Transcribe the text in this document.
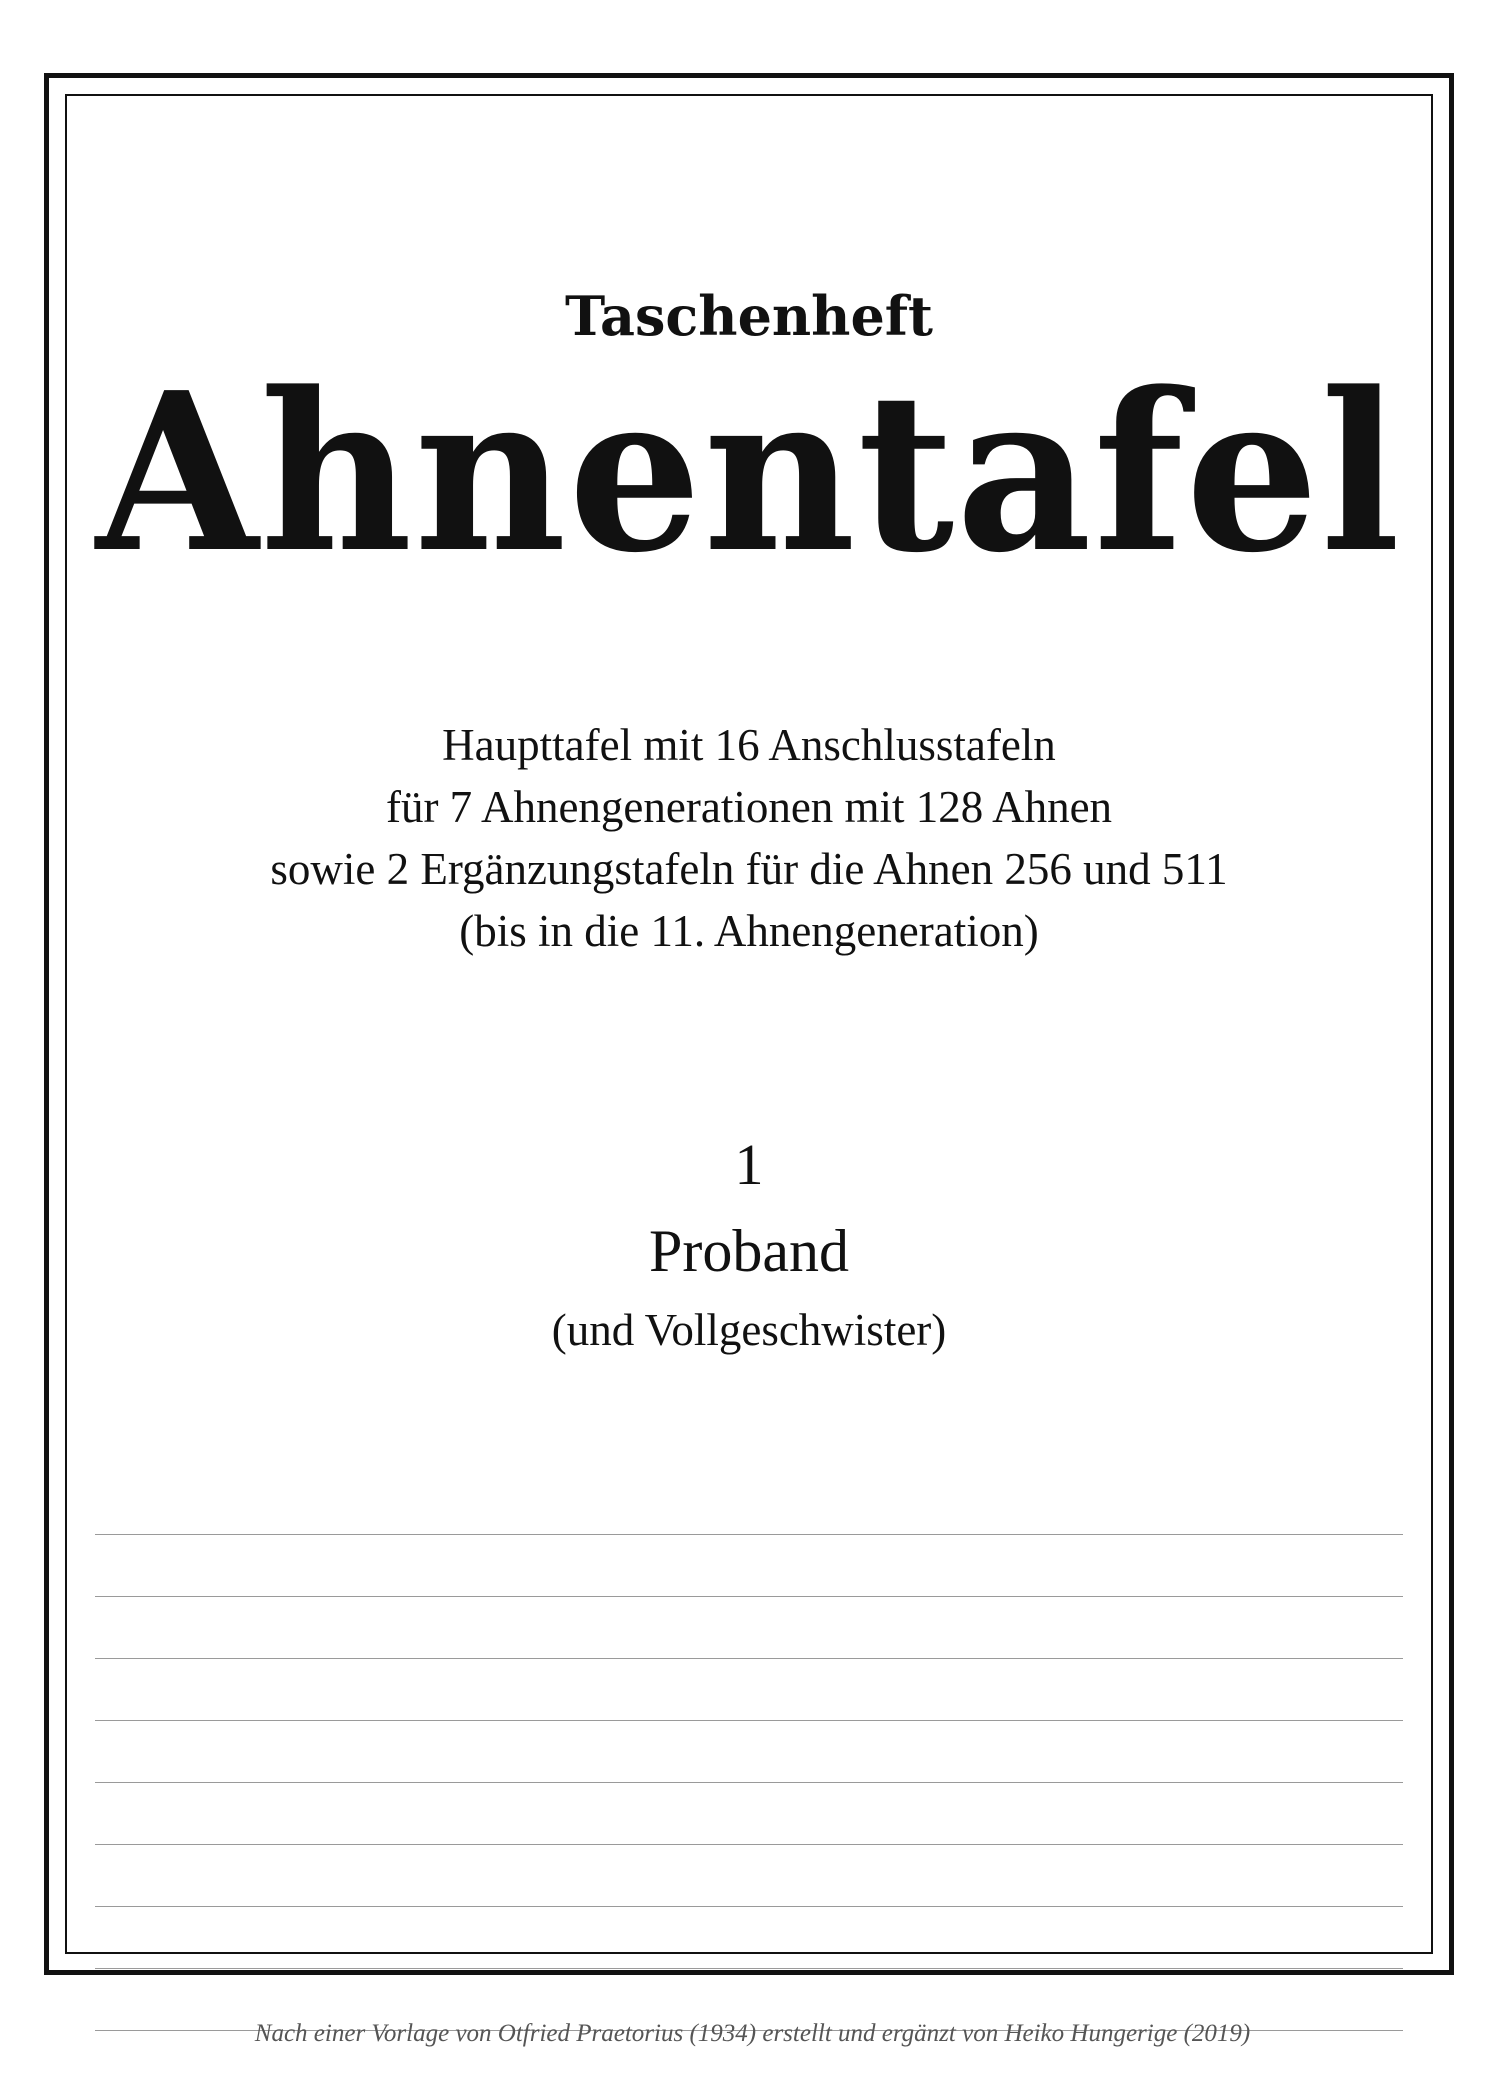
Taschenheft
Ahnentafel
Haupttafel mit 16 Anschlusstafeln
für 7 Ahnengenerationen mit 128 Ahnen
sowie 2 Ergänzungstafeln für die Ahnen 256 und 511
(bis in die 11. Ahnengeneration)
1
Proband
(und Vollgeschwister)
Nach einer Vorlage von Otfried Praetorius (1934) erstellt und ergänzt von Heiko Hungerige (2019)
